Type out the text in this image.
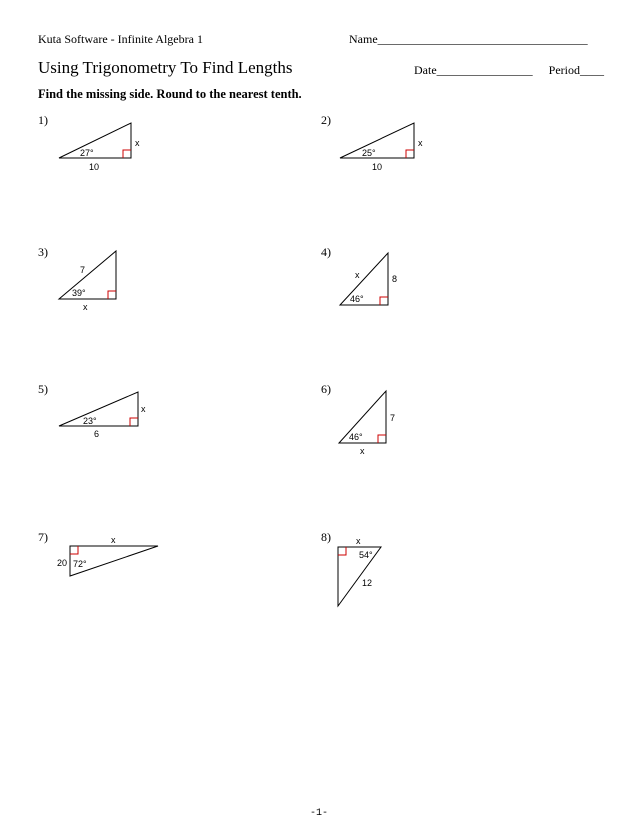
Kuta Software - Infinite Algebra 1	Name___________________________________
Using Trigonometry To Find Lengths	Date________________ Period____
Find the missing side. Round to the nearest tenth.
1)
27°
10
x
2)
25°
10
x
3)
39°
7
x
4)
46°
x	8
5)
23°
6
x
6)
46°
7
x
7)	x
20 72°
8)	x
54°
12
-1-
